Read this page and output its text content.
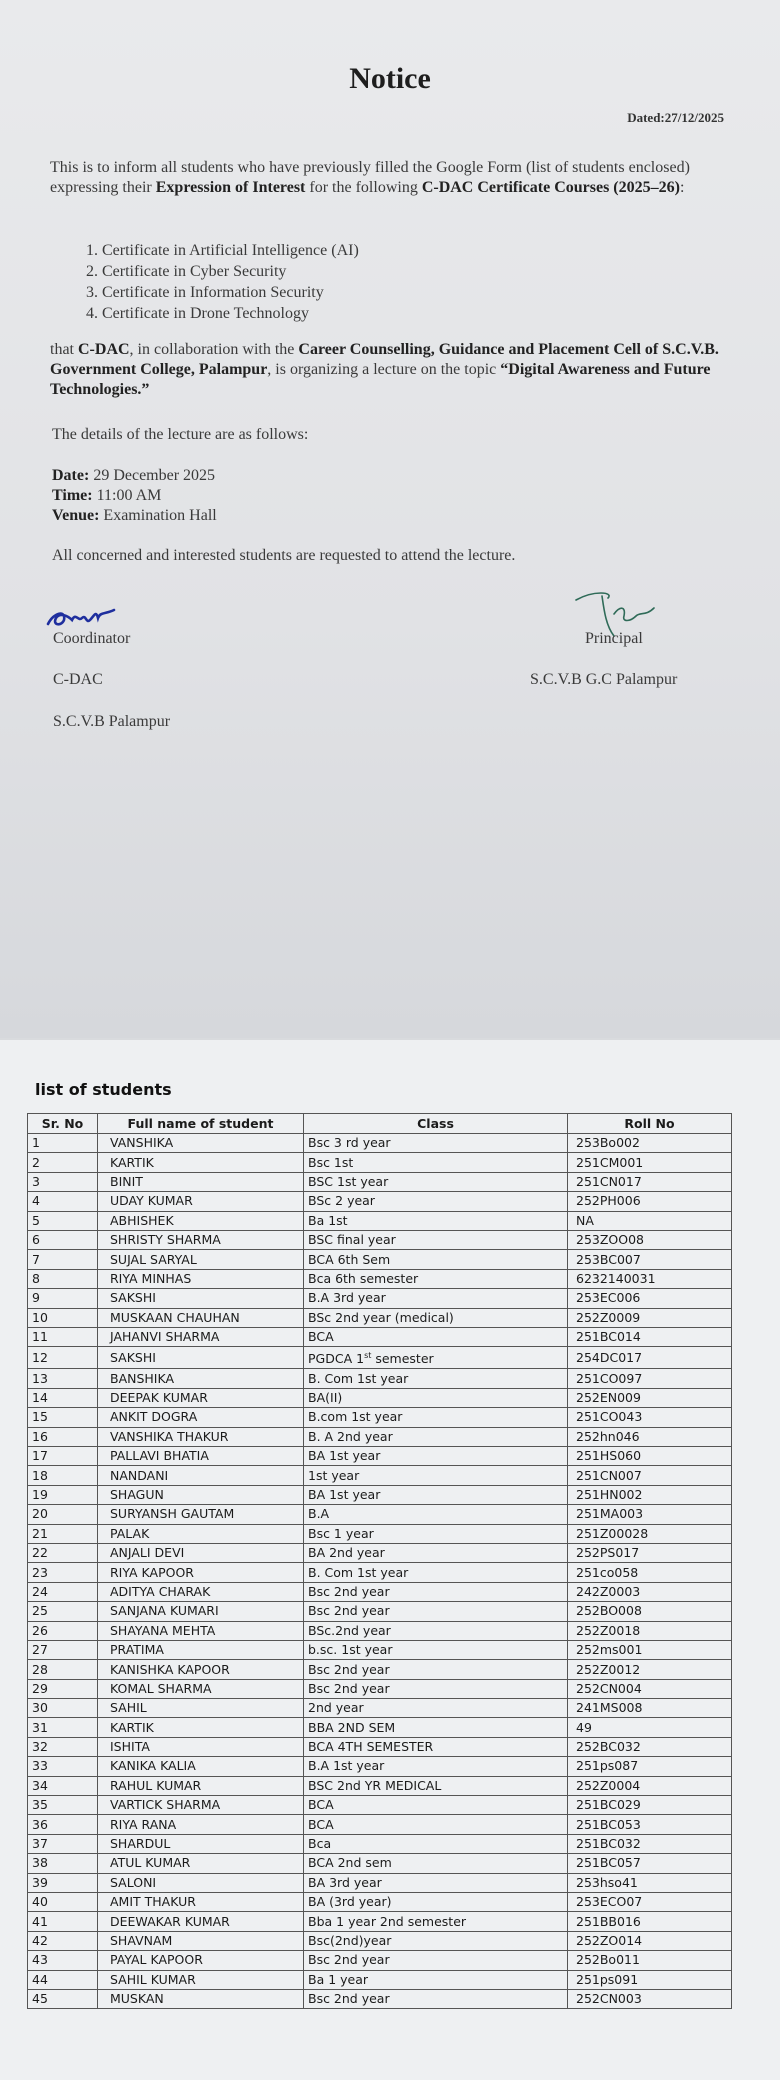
Notice
Dated:27/12/2025
This is to inform all students who have previously filled the Google Form (list of students enclosed) expressing their Expression of Interest for the following C-DAC Certificate Courses (2025–26):
1. Certificate in Artificial Intelligence (AI)
2. Certificate in Cyber Security
3. Certificate in Information Security
4. Certificate in Drone Technology
that C-DAC, in collaboration with the Career Counselling, Guidance and Placement Cell of S.C.V.B. Government College, Palampur, is organizing a lecture on the topic “Digital Awareness and Future Technologies.”
The details of the lecture are as follows:
Date: 29 December 2025
Time: 11:00 AM
Venue: Examination Hall
All concerned and interested students are requested to attend the lecture.
Coordinator
C-DAC
S.C.V.B Palampur
Principal
S.C.V.B G.C Palampur
list of students
Sr. No	Full name of student	Class	Roll No
1	VANSHIKA	Bsc 3 rd year	253Bo002
2	KARTIK	Bsc 1st	251CM001
3	BINIT	BSC 1st year	251CN017
4	UDAY KUMAR	BSc 2 year	252PH006
5	ABHISHEK	Ba 1st	NA
6	SHRISTY SHARMA	BSC final year	253ZOO08
7	SUJAL SARYAL	BCA 6th Sem	253BC007
8	RIYA MINHAS	Bca 6th semester	6232140031
9	SAKSHI	B.A 3rd year	253EC006
10	MUSKAAN CHAUHAN	BSc 2nd year (medical)	252Z0009
11	JAHANVI SHARMA	BCA	251BC014
12	SAKSHI	PGDCA 1st semester	254DC017
13	BANSHIKA	B. Com 1st year	251CO097
14	DEEPAK KUMAR	BA(II)	252EN009
15	ANKIT DOGRA	B.com 1st year	251CO043
16	VANSHIKA THAKUR	B. A 2nd year	252hn046
17	PALLAVI BHATIA	BA 1st year	251HS060
18	NANDANI	1st year	251CN007
19	SHAGUN	BA 1st year	251HN002
20	SURYANSH GAUTAM	B.A	251MA003
21	PALAK	Bsc 1 year	251Z00028
22	ANJALI DEVI	BA 2nd year	252PS017
23	RIYA KAPOOR	B. Com 1st year	251co058
24	ADITYA CHARAK	Bsc 2nd year	242Z0003
25	SANJANA KUMARI	Bsc 2nd year	252BO008
26	SHAYANA MEHTA	BSc.2nd year	252Z0018
27	PRATIMA	b.sc. 1st year	252ms001
28	KANISHKA KAPOOR	Bsc 2nd year	252Z0012
29	KOMAL SHARMA	Bsc 2nd year	252CN004
30	SAHIL	2nd year	241MS008
31	KARTIK	BBA 2ND SEM	49
32	ISHITA	BCA 4TH SEMESTER	252BC032
33	KANIKA KALIA	B.A 1st year	251ps087
34	RAHUL KUMAR	BSC 2nd YR MEDICAL	252Z0004
35	VARTICK SHARMA	BCA	251BC029
36	RIYA RANA	BCA	251BC053
37	SHARDUL	Bca	251BC032
38	ATUL KUMAR	BCA 2nd sem	251BC057
39	SALONI	BA 3rd year	253hso41
40	AMIT THAKUR	BA (3rd year)	253ECO07
41	DEEWAKAR KUMAR	Bba 1 year 2nd semester	251BB016
42	SHAVNAM	Bsc(2nd)year	252ZO014
43	PAYAL KAPOOR	Bsc 2nd year	252Bo011
44	SAHIL KUMAR	Ba 1 year	251ps091
45	MUSKAN	Bsc 2nd year	252CN003
